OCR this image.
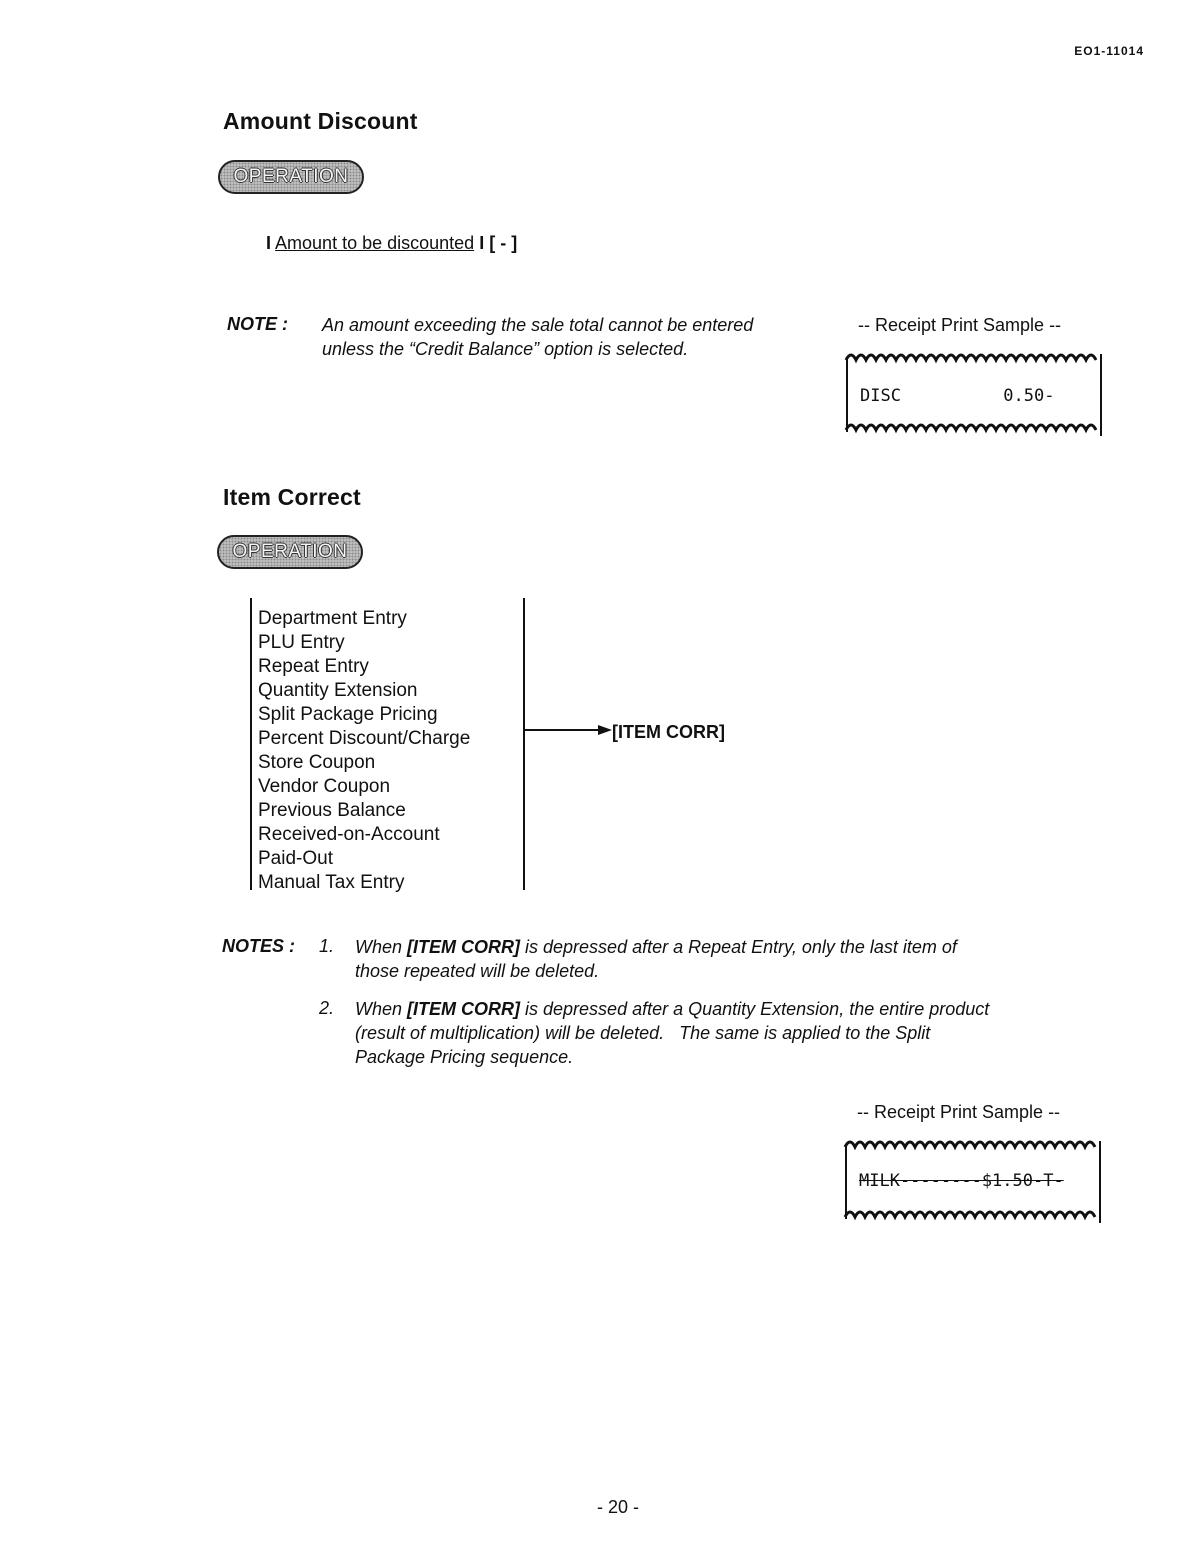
EO1-11014
Amount Discount
OPERATION
I Amount to be discounted I [ - ]
NOTE : An amount exceeding the sale total cannot be entered
unless the “Credit Balance” option is selected.
-- Receipt Print Sample --
DISC          0.50-
Item Correct
OPERATION
Department Entry
PLU Entry
Repeat Entry
Quantity Extension
Split Package Pricing
Percent Discount/Charge
Store Coupon
Vendor Coupon
Previous Balance
Received-on-Account
Paid-Out
Manual Tax Entry
[ITEM CORR]
NOTES : 1. When [ITEM CORR] is depressed after a Repeat Entry, only the last item of
those repeated will be deleted.
2. When [ITEM CORR] is depressed after a Quantity Extension, the entire product
(result of multiplication) will be deleted.   The same is applied to the Split
Package Pricing sequence.
-- Receipt Print Sample --
MILK--------$1.50-T-
- 20 -
